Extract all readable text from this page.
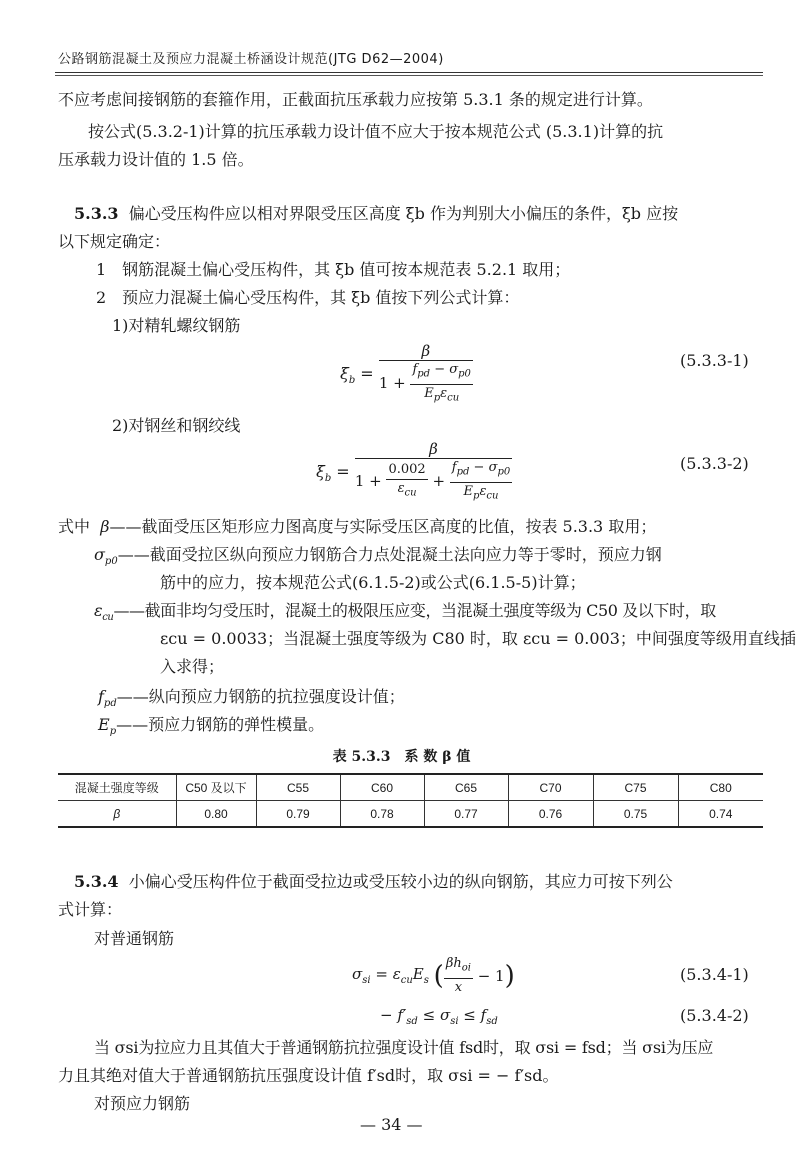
公路钢筋混凝土及预应力混凝土桥涵设计规范(JTG D62—2004)
不应考虑间接钢筋的套箍作用，正截面抗压承载力应按第 5.3.1 条的规定进行计算。
按公式(5.3.2-1)计算的抗压承载力设计值不应大于按本规范公式 (5.3.1)计算的抗
压承载力设计值的 1.5 倍。
5.3.3 偏心受压构件应以相对界限受压区高度 ξb 作为判别大小偏压的条件，ξb 应按
以下规定确定：
1　钢筋混凝土偏心受压构件，其 ξb 值可按本规范表 5.2.1 取用；
2　预应力混凝土偏心受压构件，其 ξb 值按下列公式计算：
1)对精轧螺纹钢筋
$\xi_b = \frac{\beta}{1 + \frac{f_{pd} - \sigma_{p0}}{E_p\varepsilon_{cu}}}$	(5.3.3-1)
2)对钢丝和钢绞线
$\xi_b = \frac{\beta}{1 + \frac{0.002}{\varepsilon_{cu}} + \frac{f_{pd} - \sigma_{p0}}{E_p\varepsilon_{cu}}}$	(5.3.3-2)
式中 β——截面受压区矩形应力图高度与实际受压区高度的比值，按表 5.3.3 取用；
$\sigma_{p0}——$截面受拉区纵向预应力钢筋合力点处混凝土法向应力等于零时，预应力钢
筋中的应力，按本规范公式(6.1.5-2)或公式(6.1.5-5)计算；
$\varepsilon_{cu}——$截面非均匀受压时，混凝土的极限压应变，当混凝土强度等级为 C50 及以下时，取
εcu = 0.0033；当混凝土强度等级为 C80 时，取 εcu = 0.003；中间强度等级用直线插
入求得；
$f_{pd}——$纵向预应力钢筋的抗拉强度设计值；
$E_p——$预应力钢筋的弹性模量。
表 5.3.3　系 数 β 值
混凝土强度等级	C50 及以下	C55	C60	C65	C70	C75	C80
β	0.80	0.79	0.78	0.77	0.76	0.75	0.74
5.3.4 小偏心受压构件位于截面受拉边或受压较小边的纵向钢筋，其应力可按下列公
式计算：
对普通钢筋
$\sigma_{si} = \varepsilon_{cu}E_s$ ( $\frac{\beta h_{oi}}{x} - 1$)	(5.3.4-1)
− $f'_{sd} \le \sigma_{si} \le f_{sd}$	(5.3.4-2)
当 σsi为拉应力且其值大于普通钢筋抗拉强度设计值 fsd时，取 σsi = fsd；当 σsi为压应
力且其绝对值大于普通钢筋抗压强度设计值 f′sd时，取 σsi = − f′sd。
对预应力钢筋
— 34 —
